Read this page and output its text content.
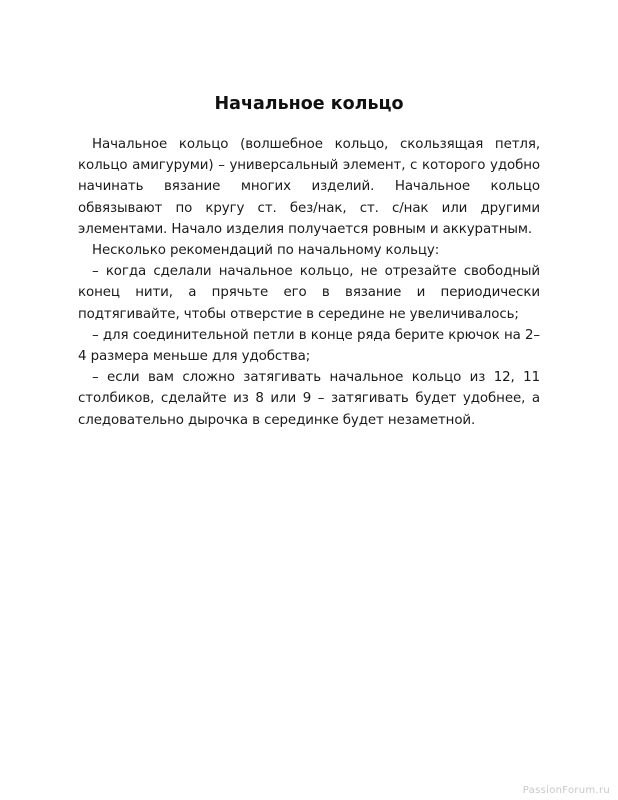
Начальное кольцо

Начальное кольцо (волшебное кольцо, скользящая петля, кольцо амигуруми) – универсальный элемент, с которого удобно начинать вязание многих изделий. Начальное кольцо обвязывают по кругу ст. без/нак, ст. с/нак или другими элементами. Начало изделия получается ровным и аккуратным.

Несколько рекомендаций по начальному кольцу:

– когда сделали начальное кольцо, не отрезайте свободный конец нити, а прячьте его в вязание и периодически подтягивайте, чтобы отверстие в середине не увеличивалось;

– для соединительной петли в конце ряда берите крючок на 2–4 размера меньше для удобства;

– если вам сложно затягивать начальное кольцо из 12, 11 столбиков, сделайте из 8 или 9 – затягивать будет удобнее, а следовательно дырочка в серединке будет незаметной.

PassionForum.ru
